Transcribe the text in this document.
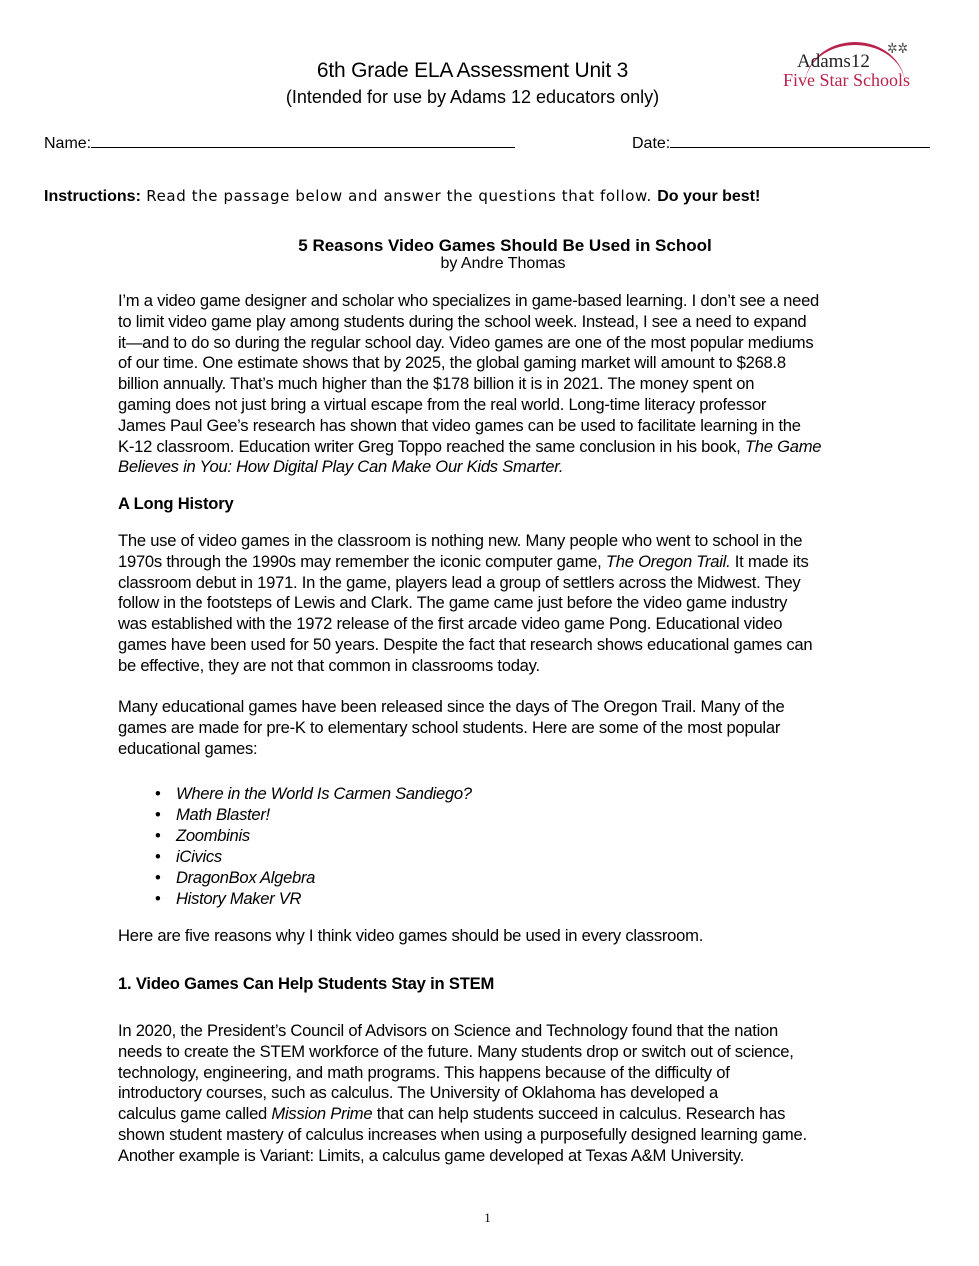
6th Grade ELA Assessment Unit 3
(Intended for use by Adams 12 educators only)
Adams12
✲✲
Five Star Schools
Name:	Date:
Instructions: Read the passage below and answer the questions that follow. Do your best!
5 Reasons Video Games Should Be Used in School
by Andre Thomas
I’m a video game designer and scholar who specializes in game-based learning. I don’t see a need
to limit video game play among students during the school week. Instead, I see a need to expand
it—and to do so during the regular school day. Video games are one of the most popular mediums
of our time. One estimate shows that by 2025, the global gaming market will amount to $268.8
billion annually. That’s much higher than the $178 billion it is in 2021. The money spent on
gaming does not just bring a virtual escape from the real world. Long-time literacy professor
James Paul Gee’s research has shown that video games can be used to facilitate learning in the
K-12 classroom. Education writer Greg Toppo reached the same conclusion in his book, The Game
Believes in You: How Digital Play Can Make Our Kids Smarter.
A Long History
The use of video games in the classroom is nothing new. Many people who went to school in the
1970s through the 1990s may remember the iconic computer game, The Oregon Trail. It made its
classroom debut in 1971. In the game, players lead a group of settlers across the Midwest. They
follow in the footsteps of Lewis and Clark. The game came just before the video game industry
was established with the 1972 release of the first arcade video game Pong. Educational video
games have been used for 50 years. Despite the fact that research shows educational games can
be effective, they are not that common in classrooms today.
Many educational games have been released since the days of The Oregon Trail. Many of the
games are made for pre-K to elementary school students. Here are some of the most popular
educational games:
• Where in the World Is Carmen Sandiego?
• Math Blaster!
• Zoombinis
• iCivics
• DragonBox Algebra
• History Maker VR
Here are five reasons why I think video games should be used in every classroom.
1. Video Games Can Help Students Stay in STEM
In 2020, the President’s Council of Advisors on Science and Technology found that the nation
needs to create the STEM workforce of the future. Many students drop or switch out of science,
technology, engineering, and math programs. This happens because of the difficulty of
introductory courses, such as calculus. The University of Oklahoma has developed a
calculus game called Mission Prime that can help students succeed in calculus. Research has
shown student mastery of calculus increases when using a purposefully designed learning game.
Another example is Variant: Limits, a calculus game developed at Texas A&M University.
1
